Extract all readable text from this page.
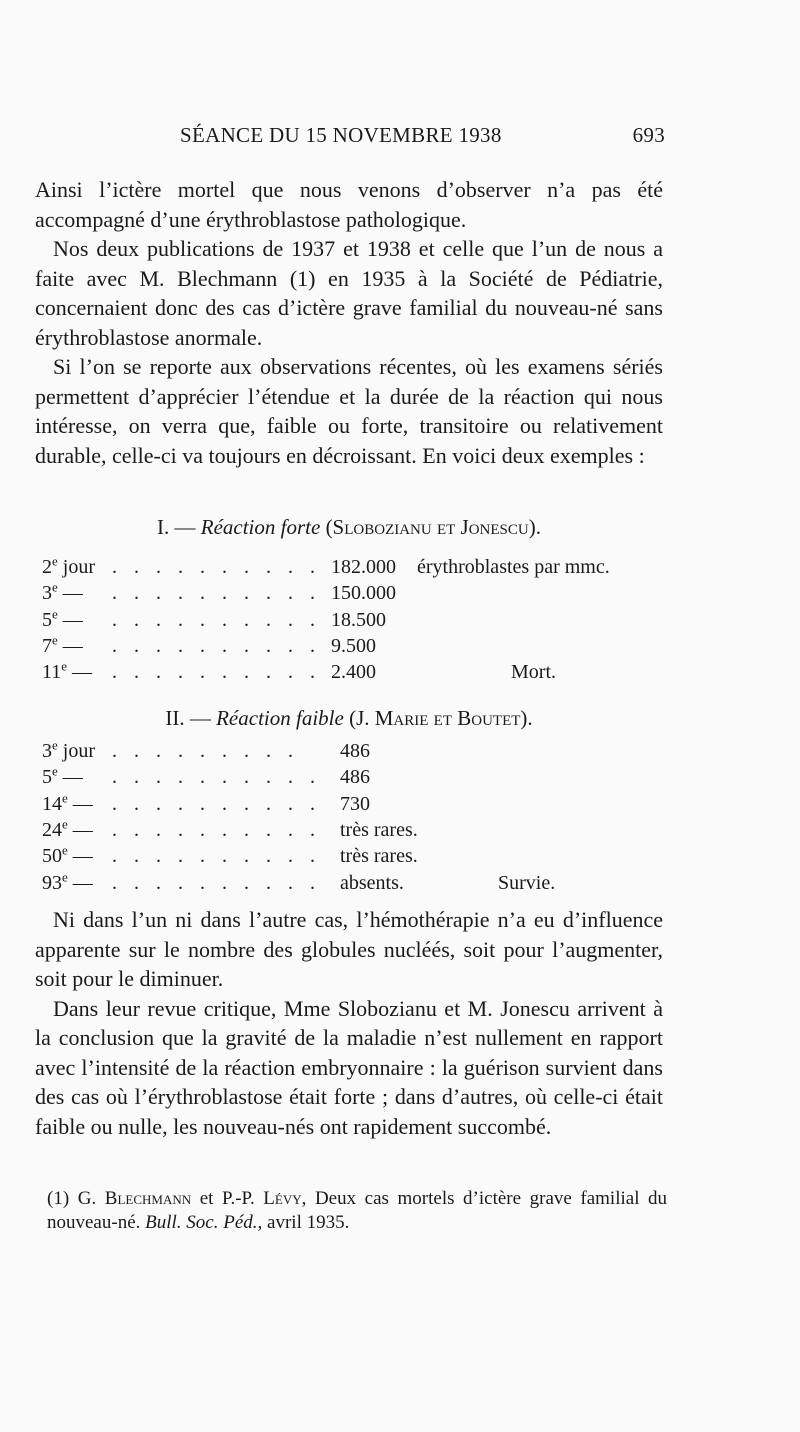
SÉANCE DU 15 NOVEMBRE 1938	693

Ainsi l’ictère mortel que nous venons d’observer n’a pas été accompagné d’une érythroblastose pathologique.

Nos deux publications de 1937 et 1938 et celle que l’un de nous a faite avec M. Blechmann (1) en 1935 à la Société de Pédiatrie, concernaient donc des cas d’ictère grave familial du nouveau-né sans érythroblastose anormale.

Si l’on se reporte aux observations récentes, où les examens sériés permettent d’apprécier l’étendue et la durée de la réaction qui nous intéresse, on verra que, faible ou forte, transitoire ou relativement durable, celle-ci va toujours en décroissant. En voici deux exemples :

I. — Réaction forte (Slobozianu et Jonescu).
2e jour . . . . . . . . . . 182.000 érythroblastes par mmc.
3e — . . . . . . . . . . 150.000
5e — . . . . . . . . . . 18.500
7e — . . . . . . . . . . 9.500
11e — . . . . . . . . . . 2.400	Mort.
II. — Réaction faible (J. Marie et Boutet).
3e jour . . . . . . . . . 486
5e — . . . . . . . . . . 486
14e — . . . . . . . . . . 730
24e — . . . . . . . . . . très rares.
50e — . . . . . . . . . . très rares.
93e — . . . . . . . . . . absents.	Survie.

Ni dans l’un ni dans l’autre cas, l’hémothérapie n’a eu d’influence apparente sur le nombre des globules nucléés, soit pour l’augmenter, soit pour le diminuer.

Dans leur revue critique, Mme Slobozianu et M. Jonescu arrivent à la conclusion que la gravité de la maladie n’est nullement en rapport avec l’intensité de la réaction embryonnaire : la guérison survient dans des cas où l’érythroblastose était forte ; dans d’autres, où celle-ci était faible ou nulle, les nouveau-nés ont rapidement succombé.

(1) G. Blechmann et P.-P. Lévy, Deux cas mortels d’ictère grave familial du nouveau-né. Bull. Soc. Péd., avril 1935.
